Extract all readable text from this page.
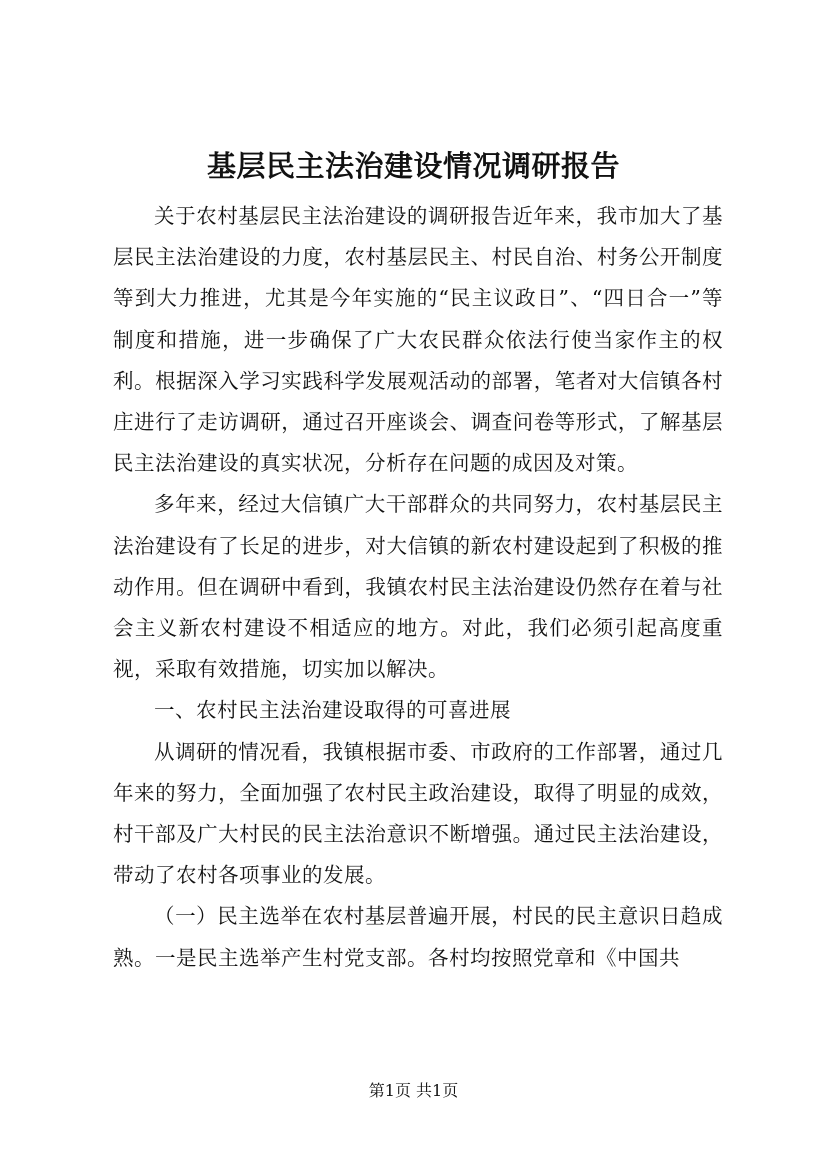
基层民主法治建设情况调研报告

关于农村基层民主法治建设的调研报告近年来，我市加大了基层民主法治建设的力度，农村基层民主、村民自治、村务公开制度等到大力推进，尤其是今年实施的“民主议政日”、“四日合一”等制度和措施，进一步确保了广大农民群众依法行使当家作主的权利。根据深入学习实践科学发展观活动的部署，笔者对大信镇各村庄进行了走访调研，通过召开座谈会、调查问卷等形式，了解基层民主法治建设的真实状况，分析存在问题的成因及对策。

多年来，经过大信镇广大干部群众的共同努力，农村基层民主法治建设有了长足的进步，对大信镇的新农村建设起到了积极的推动作用。但在调研中看到，我镇农村民主法治建设仍然存在着与社会主义新农村建设不相适应的地方。对此，我们必须引起高度重视，采取有效措施，切实加以解决。

一、农村民主法治建设取得的可喜进展

从调研的情况看，我镇根据市委、市政府的工作部署，通过几年来的努力，全面加强了农村民主政治建设，取得了明显的成效，村干部及广大村民的民主法治意识不断增强。通过民主法治建设，带动了农村各项事业的发展。

（一）民主选举在农村基层普遍开展，村民的民主意识日趋成熟。一是民主选举产生村党支部。各村均按照党章和《中国共

第1页 共1页
